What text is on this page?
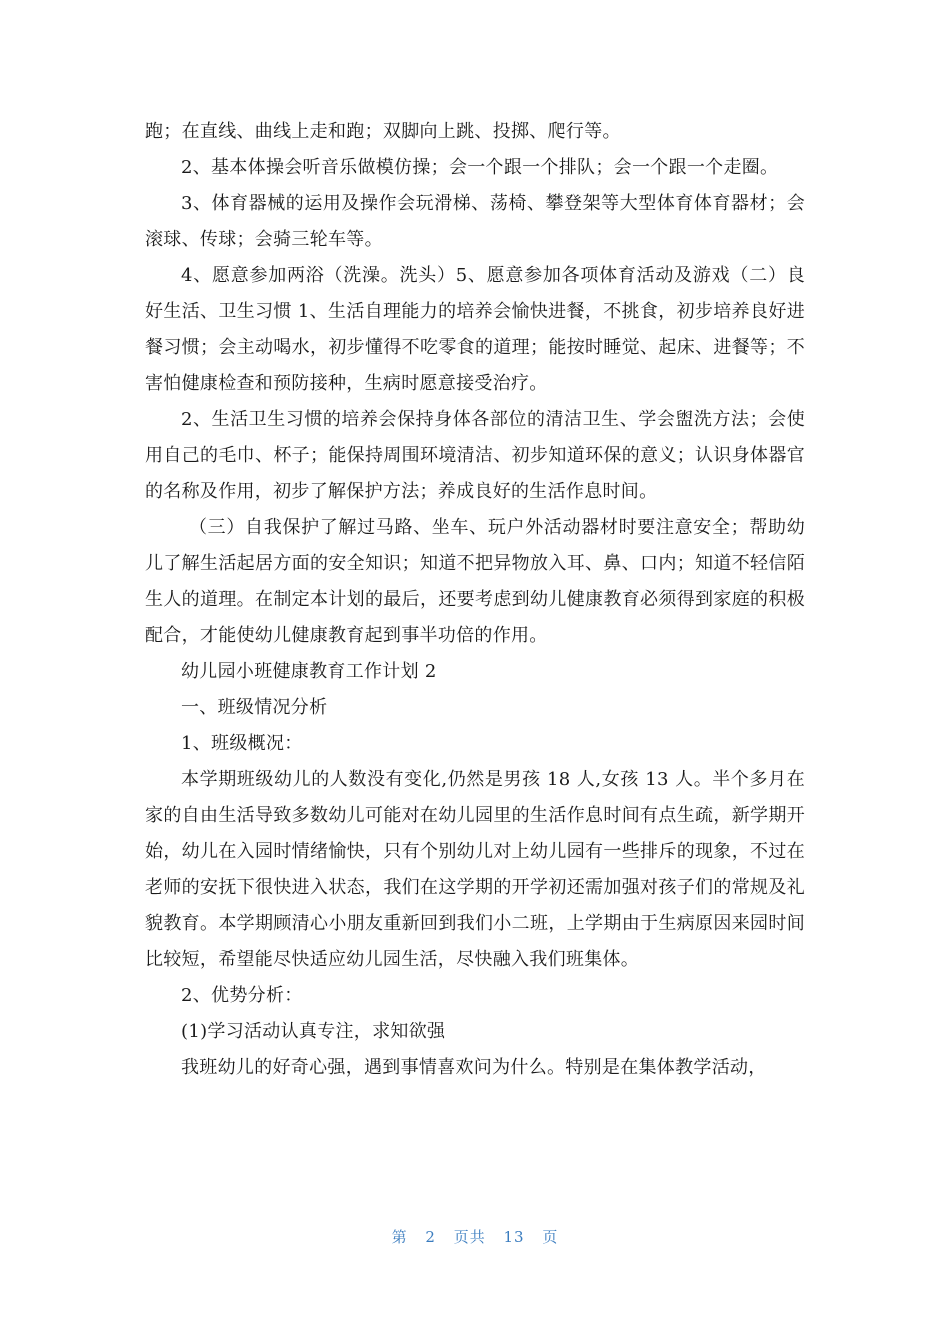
跑；在直线、曲线上走和跑；双脚向上跳、投掷、爬行等。

2、基本体操会听音乐做模仿操；会一个跟一个排队；会一个跟一个走圈。

3、体育器械的运用及操作会玩滑梯、荡椅、攀登架等大型体育体育器材；会滚球、传球；会骑三轮车等。

4、愿意参加两浴（洗澡。洗头）5、愿意参加各项体育活动及游戏（二）良好生活、卫生习惯 1、生活自理能力的培养会愉快进餐，不挑食，初步培养良好进餐习惯；会主动喝水，初步懂得不吃零食的道理；能按时睡觉、起床、进餐等；不害怕健康检查和预防接种，生病时愿意接受治疗。

2、生活卫生习惯的培养会保持身体各部位的清洁卫生、学会盥洗方法；会使用自己的毛巾、杯子；能保持周围环境清洁、初步知道环保的意义；认识身体器官的名称及作用，初步了解保护方法；养成良好的生活作息时间。

（三）自我保护了解过马路、坐车、玩户外活动器材时要注意安全；帮助幼儿了解生活起居方面的安全知识；知道不把异物放入耳、鼻、口内；知道不轻信陌生人的道理。在制定本计划的最后，还要考虑到幼儿健康教育必须得到家庭的积极配合，才能使幼儿健康教育起到事半功倍的作用。

幼儿园小班健康教育工作计划 2

一、班级情况分析

1、班级概况：

本学期班级幼儿的人数没有变化,仍然是男孩 18 人,女孩 13 人。半个多月在家的自由生活导致多数幼儿可能对在幼儿园里的生活作息时间有点生疏，新学期开始，幼儿在入园时情绪愉快，只有个别幼儿对上幼儿园有一些排斥的现象，不过在老师的安抚下很快进入状态，我们在这学期的开学初还需加强对孩子们的常规及礼貌教育。本学期顾清心小朋友重新回到我们小二班，上学期由于生病原因来园时间比较短，希望能尽快适应幼儿园生活，尽快融入我们班集体。

2、优势分析：

(1)学习活动认真专注，求知欲强

我班幼儿的好奇心强，遇到事情喜欢问为什么。特别是在集体教学活动，

第 2 页共 13 页
